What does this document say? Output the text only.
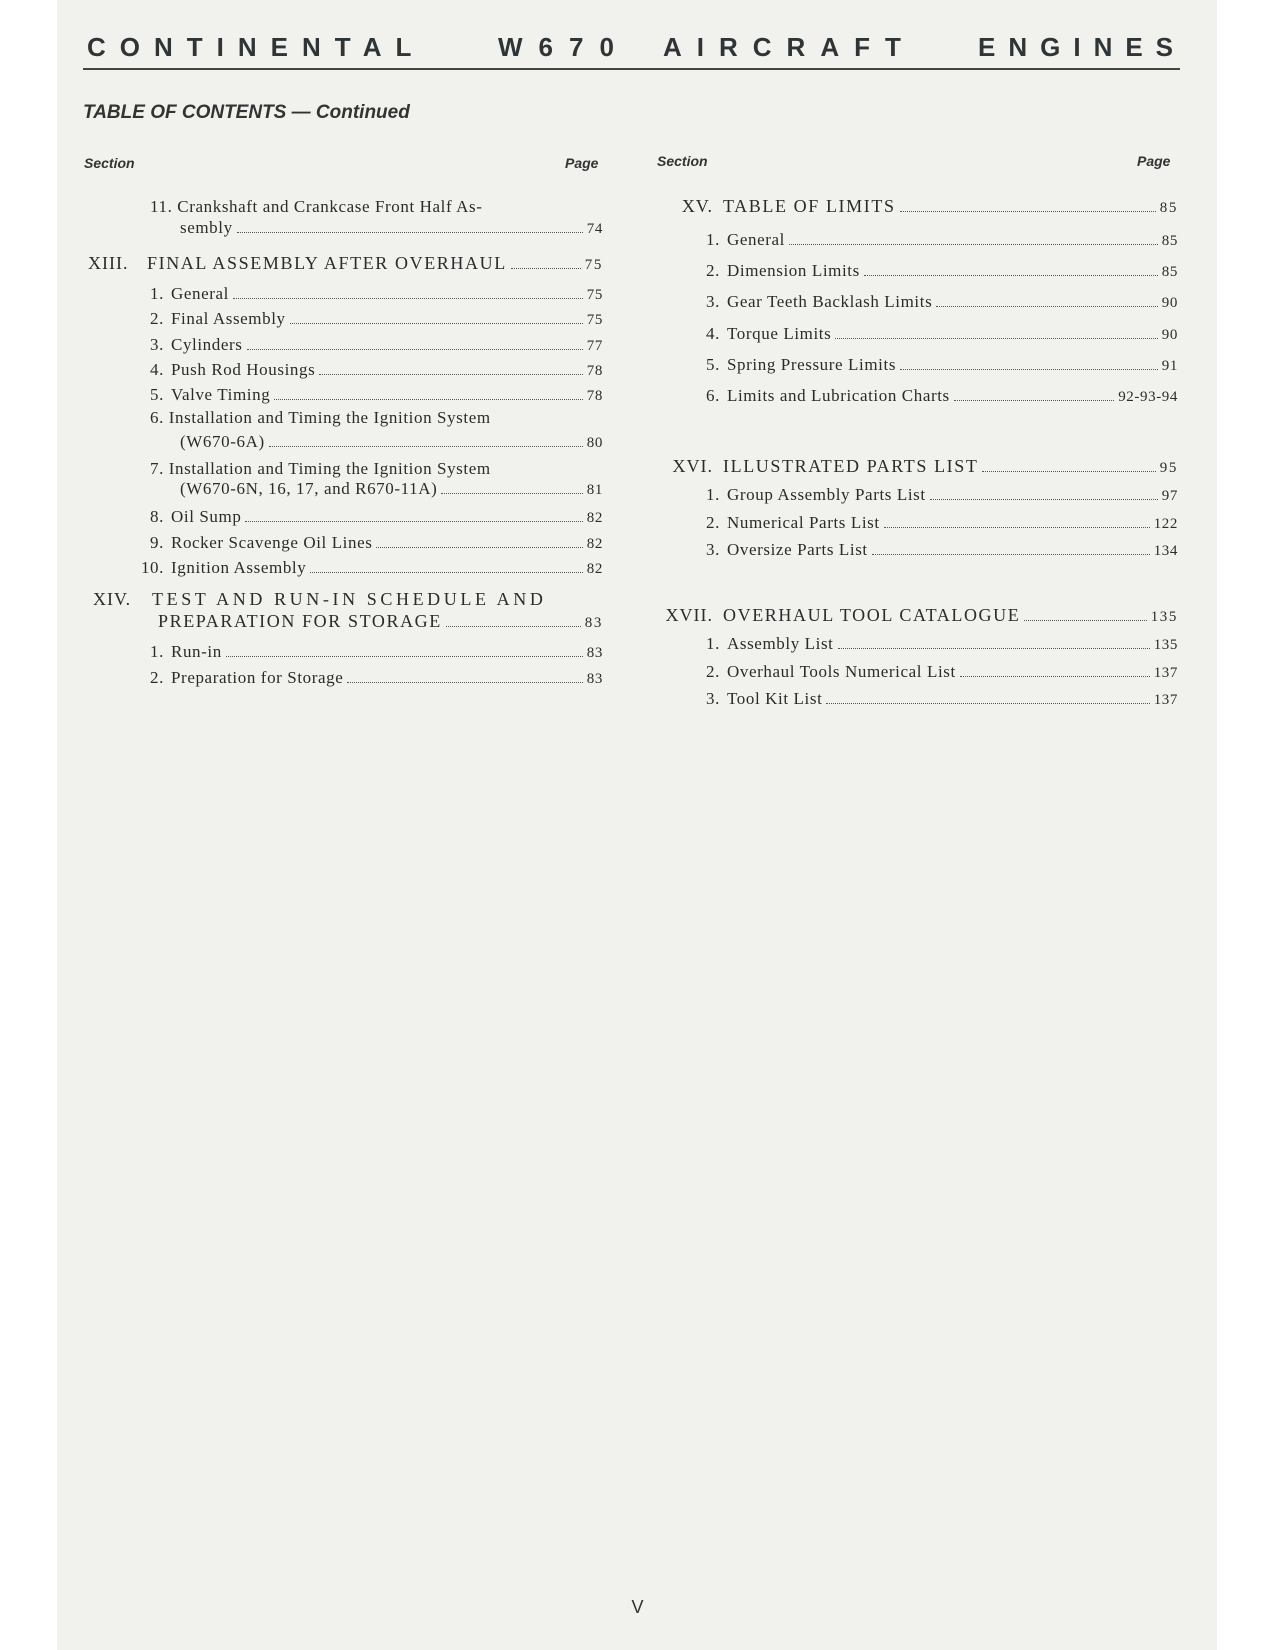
CONTINENTAL	W670 AIRCRAFT ENGINES
TABLE OF CONTENTS — Continued
Section	Page	Section	Page
11. Crankshaft and Crankcase Front Half As-
sembly	74
XIII.	FINAL ASSEMBLY AFTER OVERHAUL	75
1. General	75
2. Final Assembly	75
3. Cylinders	77
4. Push Rod Housings	78
5. Valve Timing	78
6. Installation and Timing the Ignition System
(W670-6A)	80
7. Installation and Timing the Ignition System
(W670-6N, 16, 17, and R670-11A)	81
8. Oil Sump	82
9. Rocker Scavenge Oil Lines	82
10. Ignition Assembly	82
XIV.	TEST AND RUN-IN SCHEDULE AND
PREPARATION FOR STORAGE	83
1. Run-in	83
2. Preparation for Storage	83
XV. TABLE OF LIMITS	85
1. General	85
2. Dimension Limits	85
3. Gear Teeth Backlash Limits	90
4. Torque Limits	90
5. Spring Pressure Limits	91
6. Limits and Lubrication Charts	92-93-94
XVI. ILLUSTRATED PARTS LIST	95
1. Group Assembly Parts List	97
2. Numerical Parts List	122
3. Oversize Parts List	134
XVII. OVERHAUL TOOL CATALOGUE	135
1. Assembly List	135
2. Overhaul Tools Numerical List	137
3. Tool Kit List	137
V
